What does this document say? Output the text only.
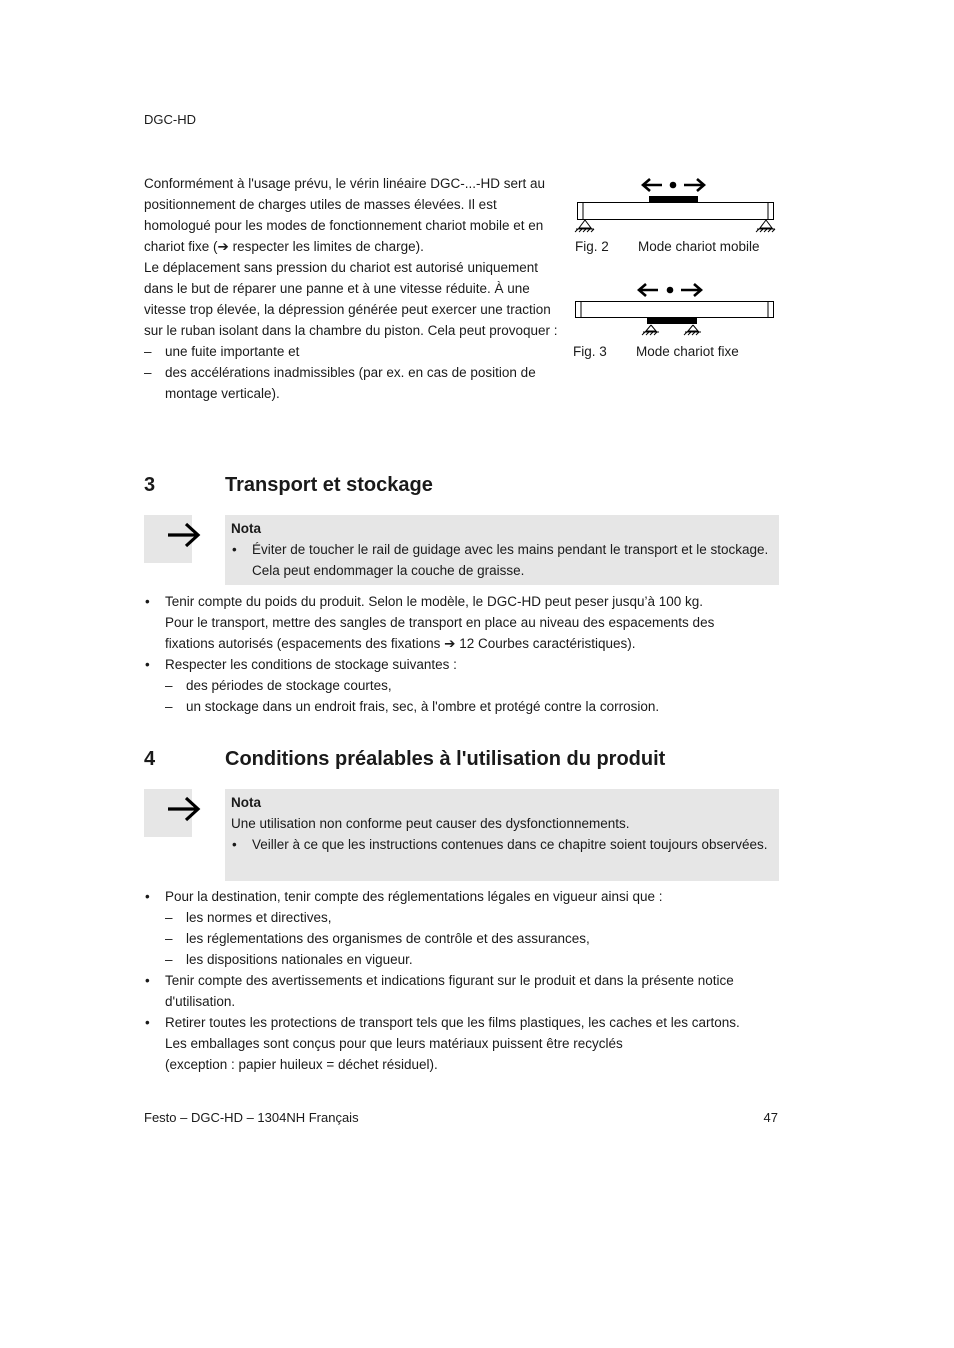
DGC-HD

Conformément à l'usage prévu, le vérin linéaire DGC-...-HD sert au positionnement de charges utiles de masses élevées. Il est homologué pour les modes de fonctionnement chariot mobile et en chariot fixe (➔ respecter les limites de charge).

Le déplacement sans pression du chariot est autorisé uniquement dans le but de réparer une panne et à une vitesse réduite. À une vitesse trop élevée, la dépression générée peut exercer une traction sur le ruban isolant dans la chambre du piston. Cela peut provoquer :

– une fuite importante et
– des accélérations inadmissibles (par ex. en cas de position de montage verticale).
Fig. 2 Mode chariot mobile
Fig. 3 Mode chariot fixe
3	Transport et stockage
Nota
• Éviter de toucher le rail de guidage avec les mains pendant le transport et le stockage. Cela peut endommager la couche de graisse.
• Tenir compte du poids du produit. Selon le modèle, le DGC-HD peut peser jusqu’à 100 kg.
Pour le transport, mettre des sangles de transport en place au niveau des espacements des fixations autorisés (espacements des fixations ➔ 12 Courbes caractéristiques).
• Respecter les conditions de stockage suivantes :
– des périodes de stockage courtes,
– un stockage dans un endroit frais, sec, à l'ombre et protégé contre la corrosion.
4	Conditions préalables à l'utilisation du produit
Nota
Une utilisation non conforme peut causer des dysfonctionnements.
• Veiller à ce que les instructions contenues dans ce chapitre soient toujours observées.
• Pour la destination, tenir compte des réglementations légales en vigueur ainsi que :
– les normes et directives,
– les réglementations des organismes de contrôle et des assurances,
– les dispositions nationales en vigueur.
• Tenir compte des avertissements et indications figurant sur le produit et dans la présente notice d'utilisation.
• Retirer toutes les protections de transport tels que les films plastiques, les caches et les cartons.
Les emballages sont conçus pour que leurs matériaux puissent être recyclés
(exception : papier huileux = déchet résiduel).
Festo – DGC-HD – 1304NH Français	47
